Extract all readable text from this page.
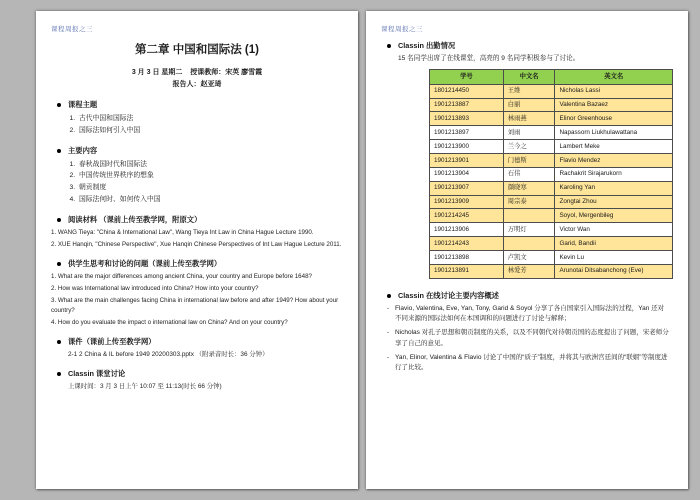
课程周报之三
第二章 中国和国际法 (1)
3 月 3 日 星期二    授课教师：宋英 廖雪霞
报告人：赵亚琦
课程主题
1. 古代中国和国际法
2. 国际法如何引入中国
主要内容
1. 春秋战国时代和国际法
2. 中国传统世界秩序的想象
3. 朝贡制度
4. 国际法何时、如何传入中国
阅读材料 （课前上传至教学网，附原文）
1. WANG Tieya: "China & International Law", Wang Tieya Int Law in China Hague Lecture 1990.
2. XUE Hanqin, "Chinese Perspective", Xue Hanqin Chinese Perspectives of Int Law Hague Lecture 2011.
供学生思考和讨论的问题（课前上传至教学网）
1. What are the major differences among ancient China, your country and Europe before 1648?
2. How was International law introduced into China? How into your country?
3. What are the main challenges facing China in international law before and after 1949? How about your country?
4. How do you evaluate the impact o international law on China? And on your country?
课件（课前上传至教学网）
2-1 2 China & IL before 1949 20200303.pptx （附录音时长：36 分钟）
Classin 课堂讨论
上课时间：3 月 3 日上午 10:07 至 11:13(时长 66 分钟)
课程周报之三
Classin 出勤情况
15 名同学出席了在线课堂，高亮的 9 名同学积极参与了讨论。
学号	中文名	英文名
1801214450	王维	Nicholas Lassi
1901213887	白丽	Valentina Bazaez
1901213893	林雨燕	Elinor Greenhouse
1901213897	刘雨	Napassorn Liukhulawattana
1901213900	兰今之	Lambert Meke
1901213901	门德斯	Flavio Mendez
1901213904	石伟	Rachakrit Sirajarukorn
1901213907	颜晓寒	Karoling Yan
1901213909	周宗泰	Zongtai Zhou
1901214245		Soyol, Mergenbileg
1901213906	万明灯	Victor Wan
1901214243		Garid, Bandii
1901213898	卢凯文	Kevin Lu
1901213891	林爱芳	Arunotai Ditsabanchong (Eve)
Classin 在线讨论主要内容概述
- Flavio, Valentina, Eve, Yan, Tony, Garid & Soyol 分享了各自国家引入国际法的过程，Yan 还对不同来源的国际法如何在本国调和的问题进行了讨论与解释；
- Nicholas 对孔子思想和朝贡制度的关系，以及不同朝代对待朝贡国的态度提出了问题，宋老师分享了自己的意见。
- Yan, Elinor, Valentina & Flavio 讨论了中国的“质子”制度，并将其与欧洲宫廷间的“联姻”等制度进行了比较。
